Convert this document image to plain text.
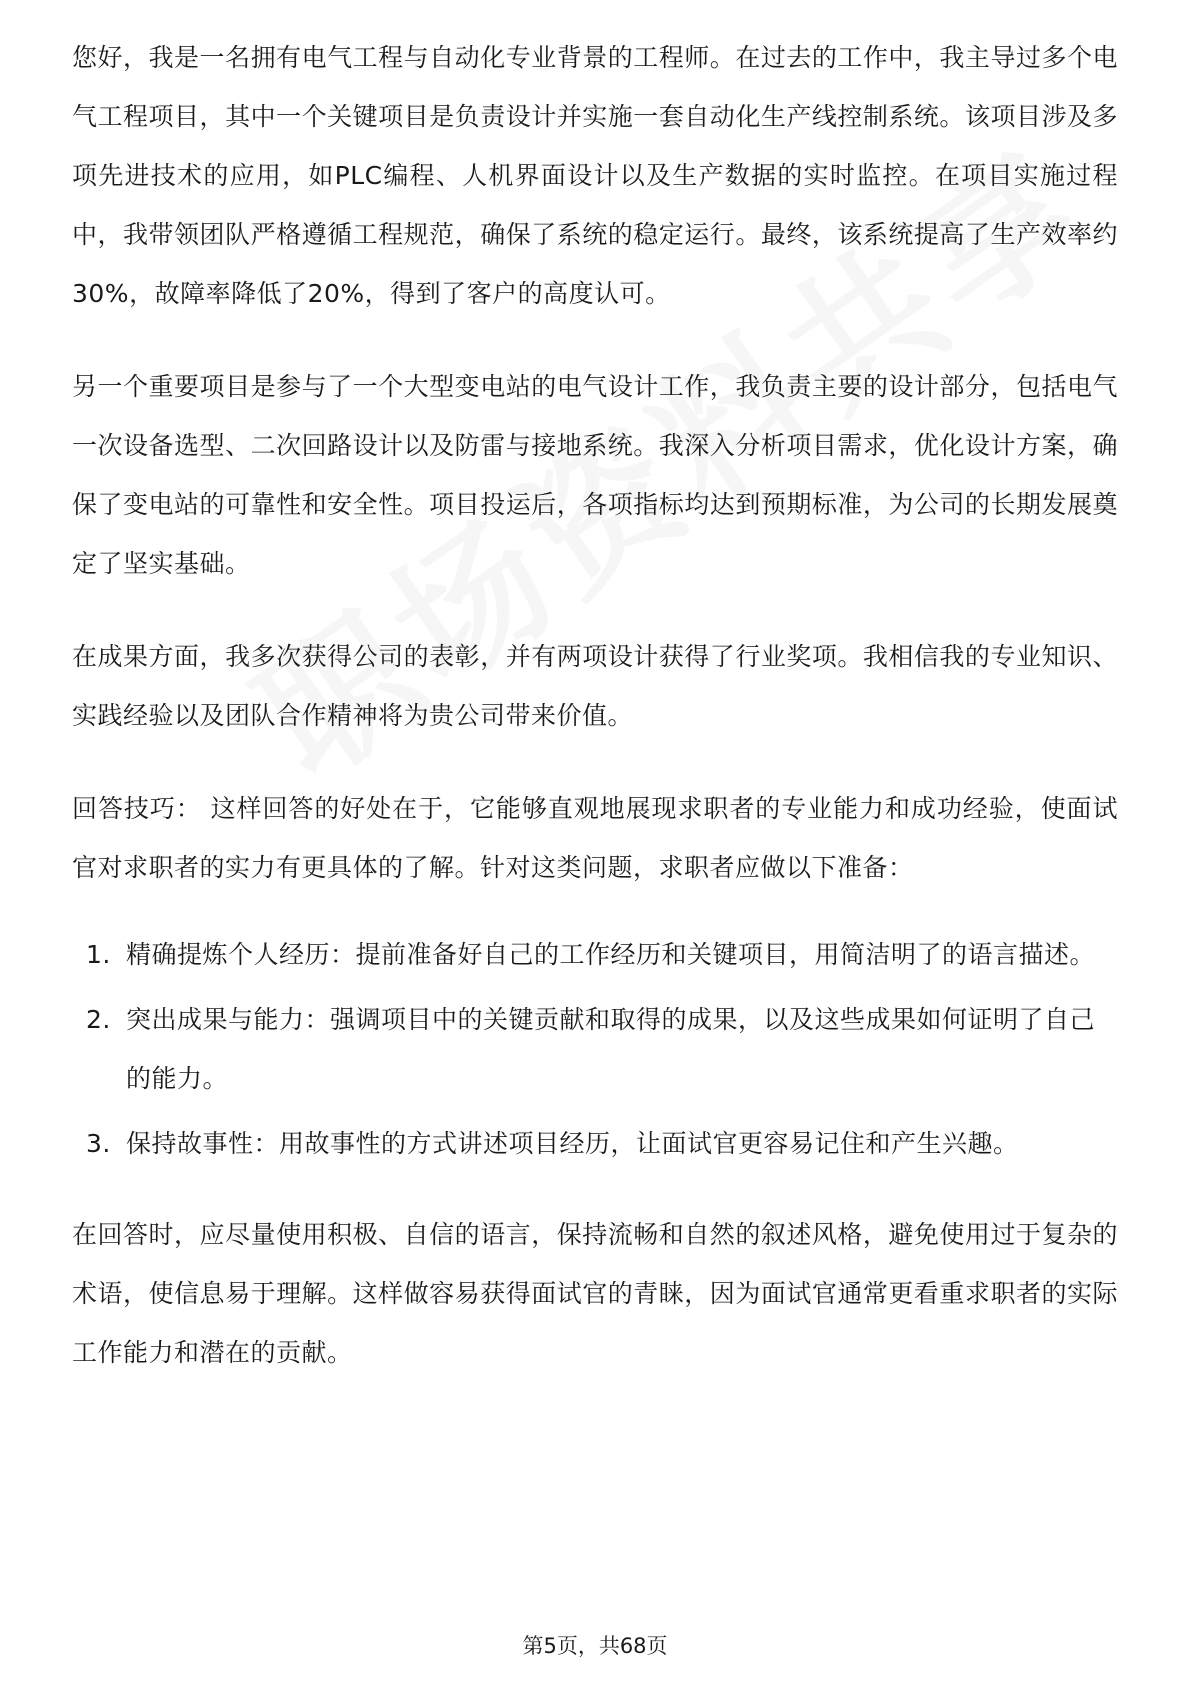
您好，我是一名拥有电气工程与自动化专业背景的工程师。在过去的工作中，我主导过多个电气工程项目，其中一个关键项目是负责设计并实施一套自动化生产线控制系统。该项目涉及多项先进技术的应用，如PLC编程、人机界面设计以及生产数据的实时监控。在项目实施过程中，我带领团队严格遵循工程规范，确保了系统的稳定运行。最终，该系统提高了生产效率约30%，故障率降低了20%，得到了客户的高度认可。

另一个重要项目是参与了一个大型变电站的电气设计工作，我负责主要的设计部分，包括电气一次设备选型、二次回路设计以及防雷与接地系统。我深入分析项目需求，优化设计方案，确保了变电站的可靠性和安全性。项目投运后，各项指标均达到预期标准，为公司的长期发展奠定了坚实基础。

在成果方面，我多次获得公司的表彰，并有两项设计获得了行业奖项。我相信我的专业知识、实践经验以及团队合作精神将为贵公司带来价值。

回答技巧： 这样回答的好处在于，它能够直观地展现求职者的专业能力和成功经验，使面试官对求职者的实力有更具体的了解。针对这类问题，求职者应做以下准备：

1. 精确提炼个人经历：提前准备好自己的工作经历和关键项目，用简洁明了的语言描述。
2. 突出成果与能力：强调项目中的关键贡献和取得的成果，以及这些成果如何证明了自己的能力。
3. 保持故事性：用故事性的方式讲述项目经历，让面试官更容易记住和产生兴趣。

在回答时，应尽量使用积极、自信的语言，保持流畅和自然的叙述风格，避免使用过于复杂的术语，使信息易于理解。这样做容易获得面试官的青睐，因为面试官通常更看重求职者的实际工作能力和潜在的贡献。

第5页，共68页
